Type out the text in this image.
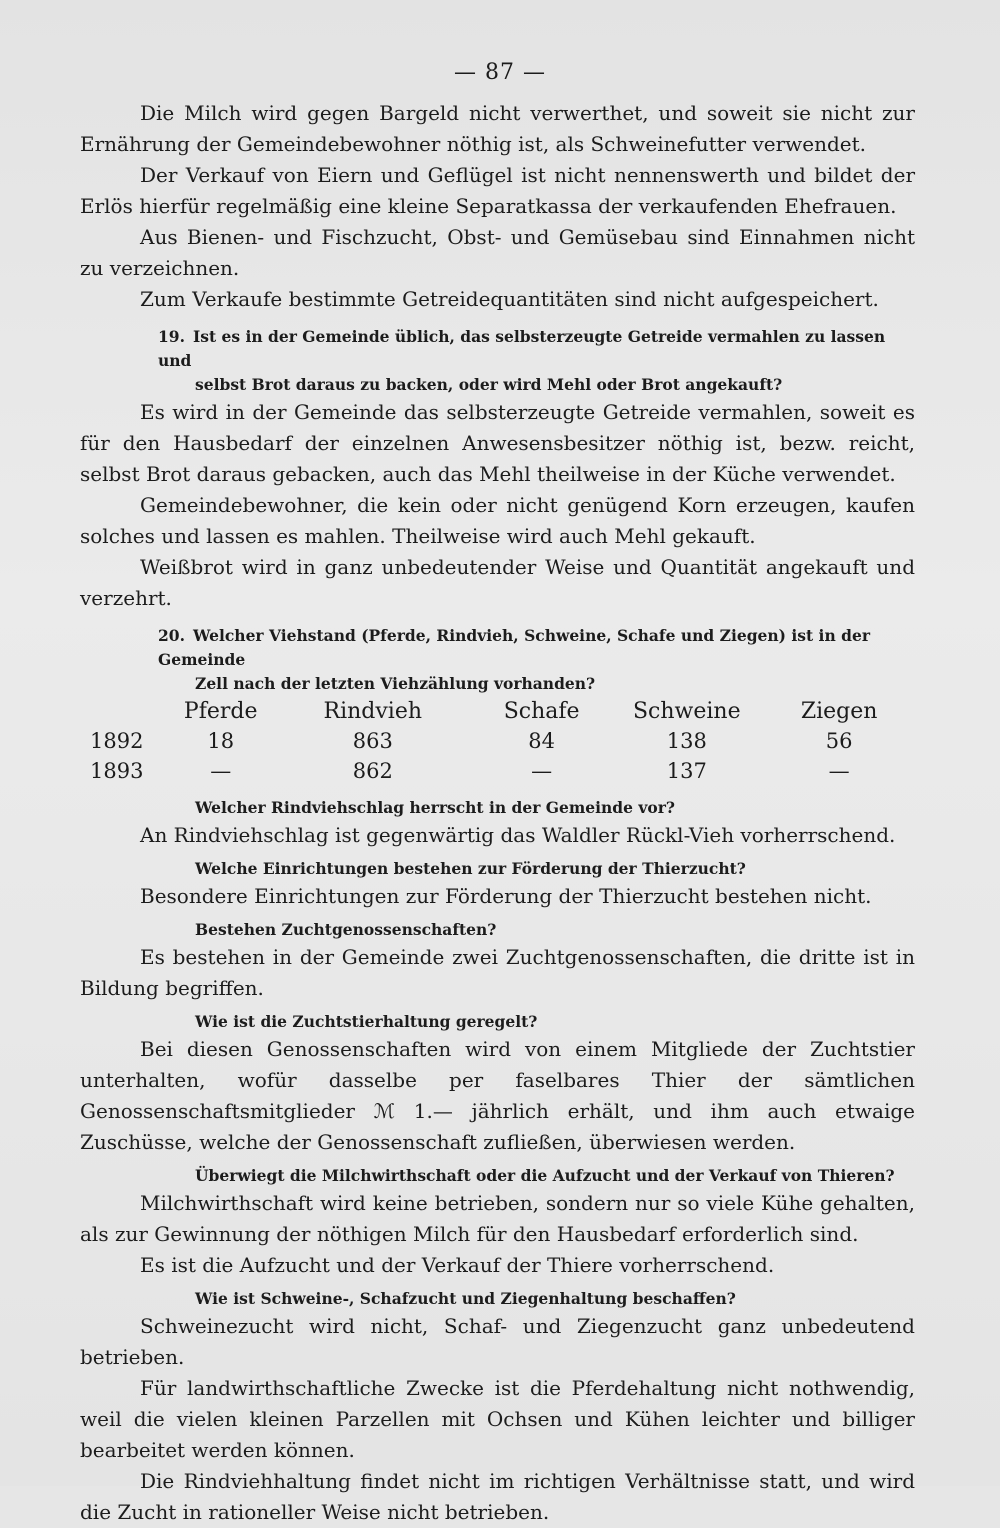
— 87 —

Die Milch wird gegen Bargeld nicht verwerthet, und soweit sie nicht zur Ernährung der Gemeindebewohner nöthig ist, als Schweinefutter verwendet.

Der Verkauf von Eiern und Geflügel ist nicht nennenswerth und bildet der Erlös hierfür regelmäßig eine kleine Separatkassa der verkaufenden Ehefrauen.

Aus Bienen- und Fischzucht, Obst- und Gemüsebau sind Einnahmen nicht zu verzeichnen.

Zum Verkaufe bestimmte Getreidequantitäten sind nicht aufgespeichert.

19. Ist es in der Gemeinde üblich, das selbsterzeugte Getreide vermahlen zu lassen und
selbst Brot daraus zu backen, oder wird Mehl oder Brot angekauft?

Es wird in der Gemeinde das selbsterzeugte Getreide vermahlen, soweit es für den Hausbedarf der einzelnen Anwesensbesitzer nöthig ist, bezw. reicht, selbst Brot daraus gebacken, auch das Mehl theilweise in der Küche verwendet.

Gemeindebewohner, die kein oder nicht genügend Korn erzeugen, kaufen solches und lassen es mahlen. Theilweise wird auch Mehl gekauft.

Weißbrot wird in ganz unbedeutender Weise und Quantität angekauft und verzehrt.

20. Welcher Viehstand (Pferde, Rindvieh, Schweine, Schafe und Ziegen) ist in der Gemeinde
Zell nach der letzten Viehzählung vorhanden?

	Pferde	Rindvieh	Schafe	Schweine	Ziegen
1892	18	863	84	138	56
1893	—	862	—	137	—

Welcher Rindviehschlag herrscht in der Gemeinde vor?

An Rindviehschlag ist gegenwärtig das Waldler Rückl-Vieh vorherrschend.

Welche Einrichtungen bestehen zur Förderung der Thierzucht?

Besondere Einrichtungen zur Förderung der Thierzucht bestehen nicht.

Bestehen Zuchtgenossenschaften?

Es bestehen in der Gemeinde zwei Zuchtgenossenschaften, die dritte ist in Bildung begriffen.

Wie ist die Zuchtstierhaltung geregelt?

Bei diesen Genossenschaften wird von einem Mitgliede der Zuchtstier unterhalten, wofür dasselbe per faselbares Thier der sämtlichen Genossenschaftsmitglieder ℳ 1.— jährlich erhält, und ihm auch etwaige Zuschüsse, welche der Genossenschaft zufließen, überwiesen werden.

Überwiegt die Milchwirthschaft oder die Aufzucht und der Verkauf von Thieren?

Milchwirthschaft wird keine betrieben, sondern nur so viele Kühe gehalten, als zur Gewinnung der nöthigen Milch für den Hausbedarf erforderlich sind.

Es ist die Aufzucht und der Verkauf der Thiere vorherrschend.

Wie ist Schweine-, Schafzucht und Ziegenhaltung beschaffen?

Schweinezucht wird nicht, Schaf- und Ziegenzucht ganz unbedeutend betrieben.

Für landwirthschaftliche Zwecke ist die Pferdehaltung nicht nothwendig, weil die vielen kleinen Parzellen mit Ochsen und Kühen leichter und billiger bearbeitet werden können.

Die Rindviehhaltung findet nicht im richtigen Verhältnisse statt, und wird die Zucht in rationeller Weise nicht betrieben.
